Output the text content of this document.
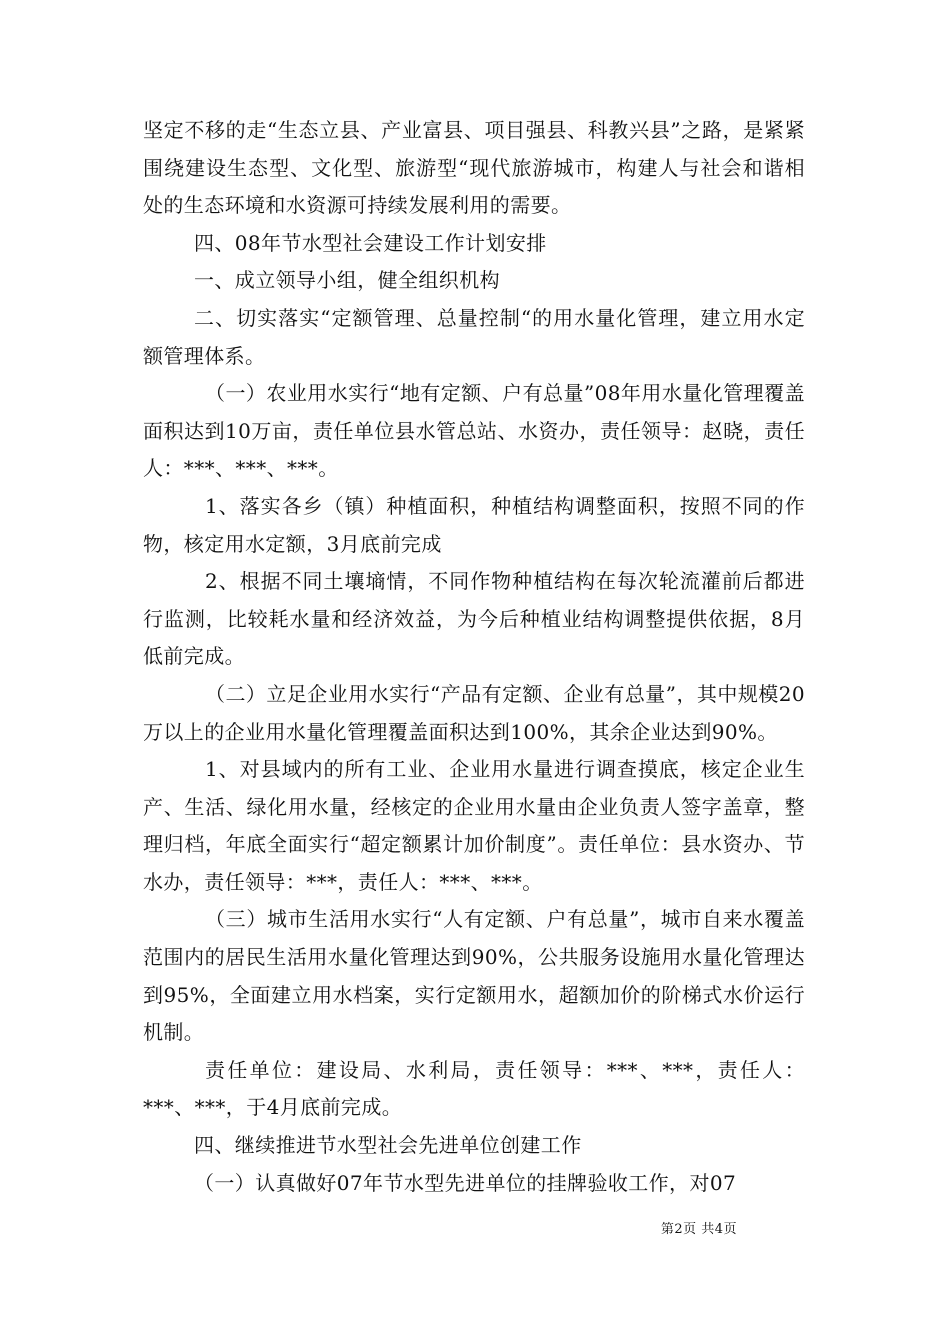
坚定不移的走“生态立县、产业富县、项目强县、科教兴县”之路，是紧紧围绕建设生态型、文化型、旅游型“现代旅游城市，构建人与社会和谐相处的生态环境和水资源可持续发展利用的需要。

四、08年节水型社会建设工作计划安排

一、成立领导小组，健全组织机构

二、切实落实“定额管理、总量控制“的用水量化管理，建立用水定额管理体系。

（一）农业用水实行“地有定额、户有总量”08年用水量化管理覆盖面积达到10万亩，责任单位县水管总站、水资办，责任领导：赵晓，责任人：***、***、***。

1、落实各乡（镇）种植面积，种植结构调整面积，按照不同的作物，核定用水定额，3月底前完成

2、根据不同土壤墒情，不同作物种植结构在每次轮流灌前后都进行监测，比较耗水量和经济效益，为今后种植业结构调整提供依据，8月低前完成。

（二）立足企业用水实行“产品有定额、企业有总量”，其中规模20万以上的企业用水量化管理覆盖面积达到100%，其余企业达到90%。

1、对县域内的所有工业、企业用水量进行调查摸底，核定企业生产、生活、绿化用水量，经核定的企业用水量由企业负责人签字盖章，整理归档，年底全面实行“超定额累计加价制度”。责任单位：县水资办、节水办，责任领导：***，责任人：***、***。

（三）城市生活用水实行“人有定额、户有总量”，城市自来水覆盖范围内的居民生活用水量化管理达到90%，公共服务设施用水量化管理达到95%，全面建立用水档案，实行定额用水，超额加价的阶梯式水价运行机制。

责任单位：建设局、水利局，责任领导：***、***，责任人：***、***，于4月底前完成。

四、继续推进节水型社会先进单位创建工作

（一）认真做好07年节水型先进单位的挂牌验收工作，对07

第2页 共4页
